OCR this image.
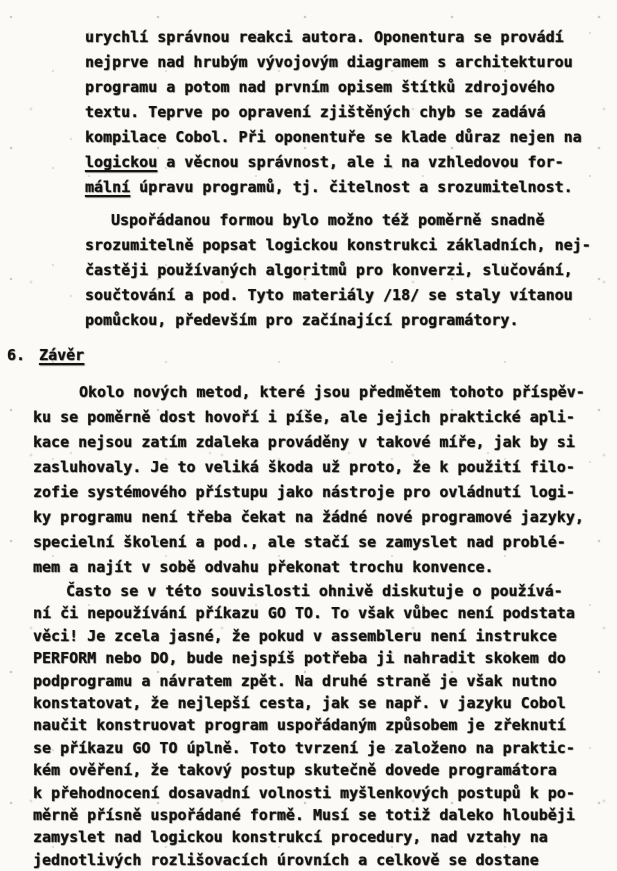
urychlí správnou reakci autora. Oponentura se provádí
nejprve nad hrubým vývojovým diagramem s architekturou
programu a potom nad prvním opisem štítků zdrojového
textu. Teprve po opravení zjištěných chyb se zadává
kompilace Cobol. Při oponentuře se klade důraz nejen na
logickou a věcnou správnost, ale i na vzhledovou for-
mální úpravu programů, tj. čitelnost a srozumitelnost.
Uspořádanou formou bylo možno též poměrně snadně
srozumitelně popsat logickou konstrukci základních, nej-
častěji používaných algoritmů pro konverzi, slučování,
součtování a pod. Tyto materiály /18/ se staly vítanou
pomůckou, především pro začínající programátory.
6. Závěr
Okolo nových metod, které jsou předmětem tohoto příspěv-
ku se poměrně dost hovoří i píše, ale jejich praktické apli-
kace nejsou zatím zdaleka prováděny v takové míře, jak by si
zasluhovaly. Je to veliká škoda už proto, že k použití filo-
zofie systémového přístupu jako nástroje pro ovládnutí logi-
ky programu není třeba čekat na žádné nové programové jazyky,
specielní školení a pod., ale stačí se zamyslet nad problé-
mem a najít v sobě odvahu překonat trochu konvence.
Často se v této souvislosti ohnivě diskutuje o používá-
ní či nepoužívání příkazu GO TO. To však vůbec není podstata
věci! Je zcela jasné, že pokud v assembleru není instrukce
PERFORM nebo DO, bude nejspíš potřeba ji nahradit skokem do
podprogramu a návratem zpět. Na druhé straně je však nutno
konstatovat, že nejlepší cesta, jak se např. v jazyku Cobol
naučit konstruovat program uspořádaným způsobem je zřeknutí
se příkazu GO TO úplně. Toto tvrzení je založeno na praktic-
kém ověření, že takový postup skutečně dovede programátora
k přehodnocení dosavadní volnosti myšlenkových postupů k po-
měrně přísně uspořádané formě. Musí se totiž daleko hlouběji
zamyslet nad logickou konstrukcí procedury, nad vztahy na
jednotlivých rozlišovacích úrovních a celkově se dostane
